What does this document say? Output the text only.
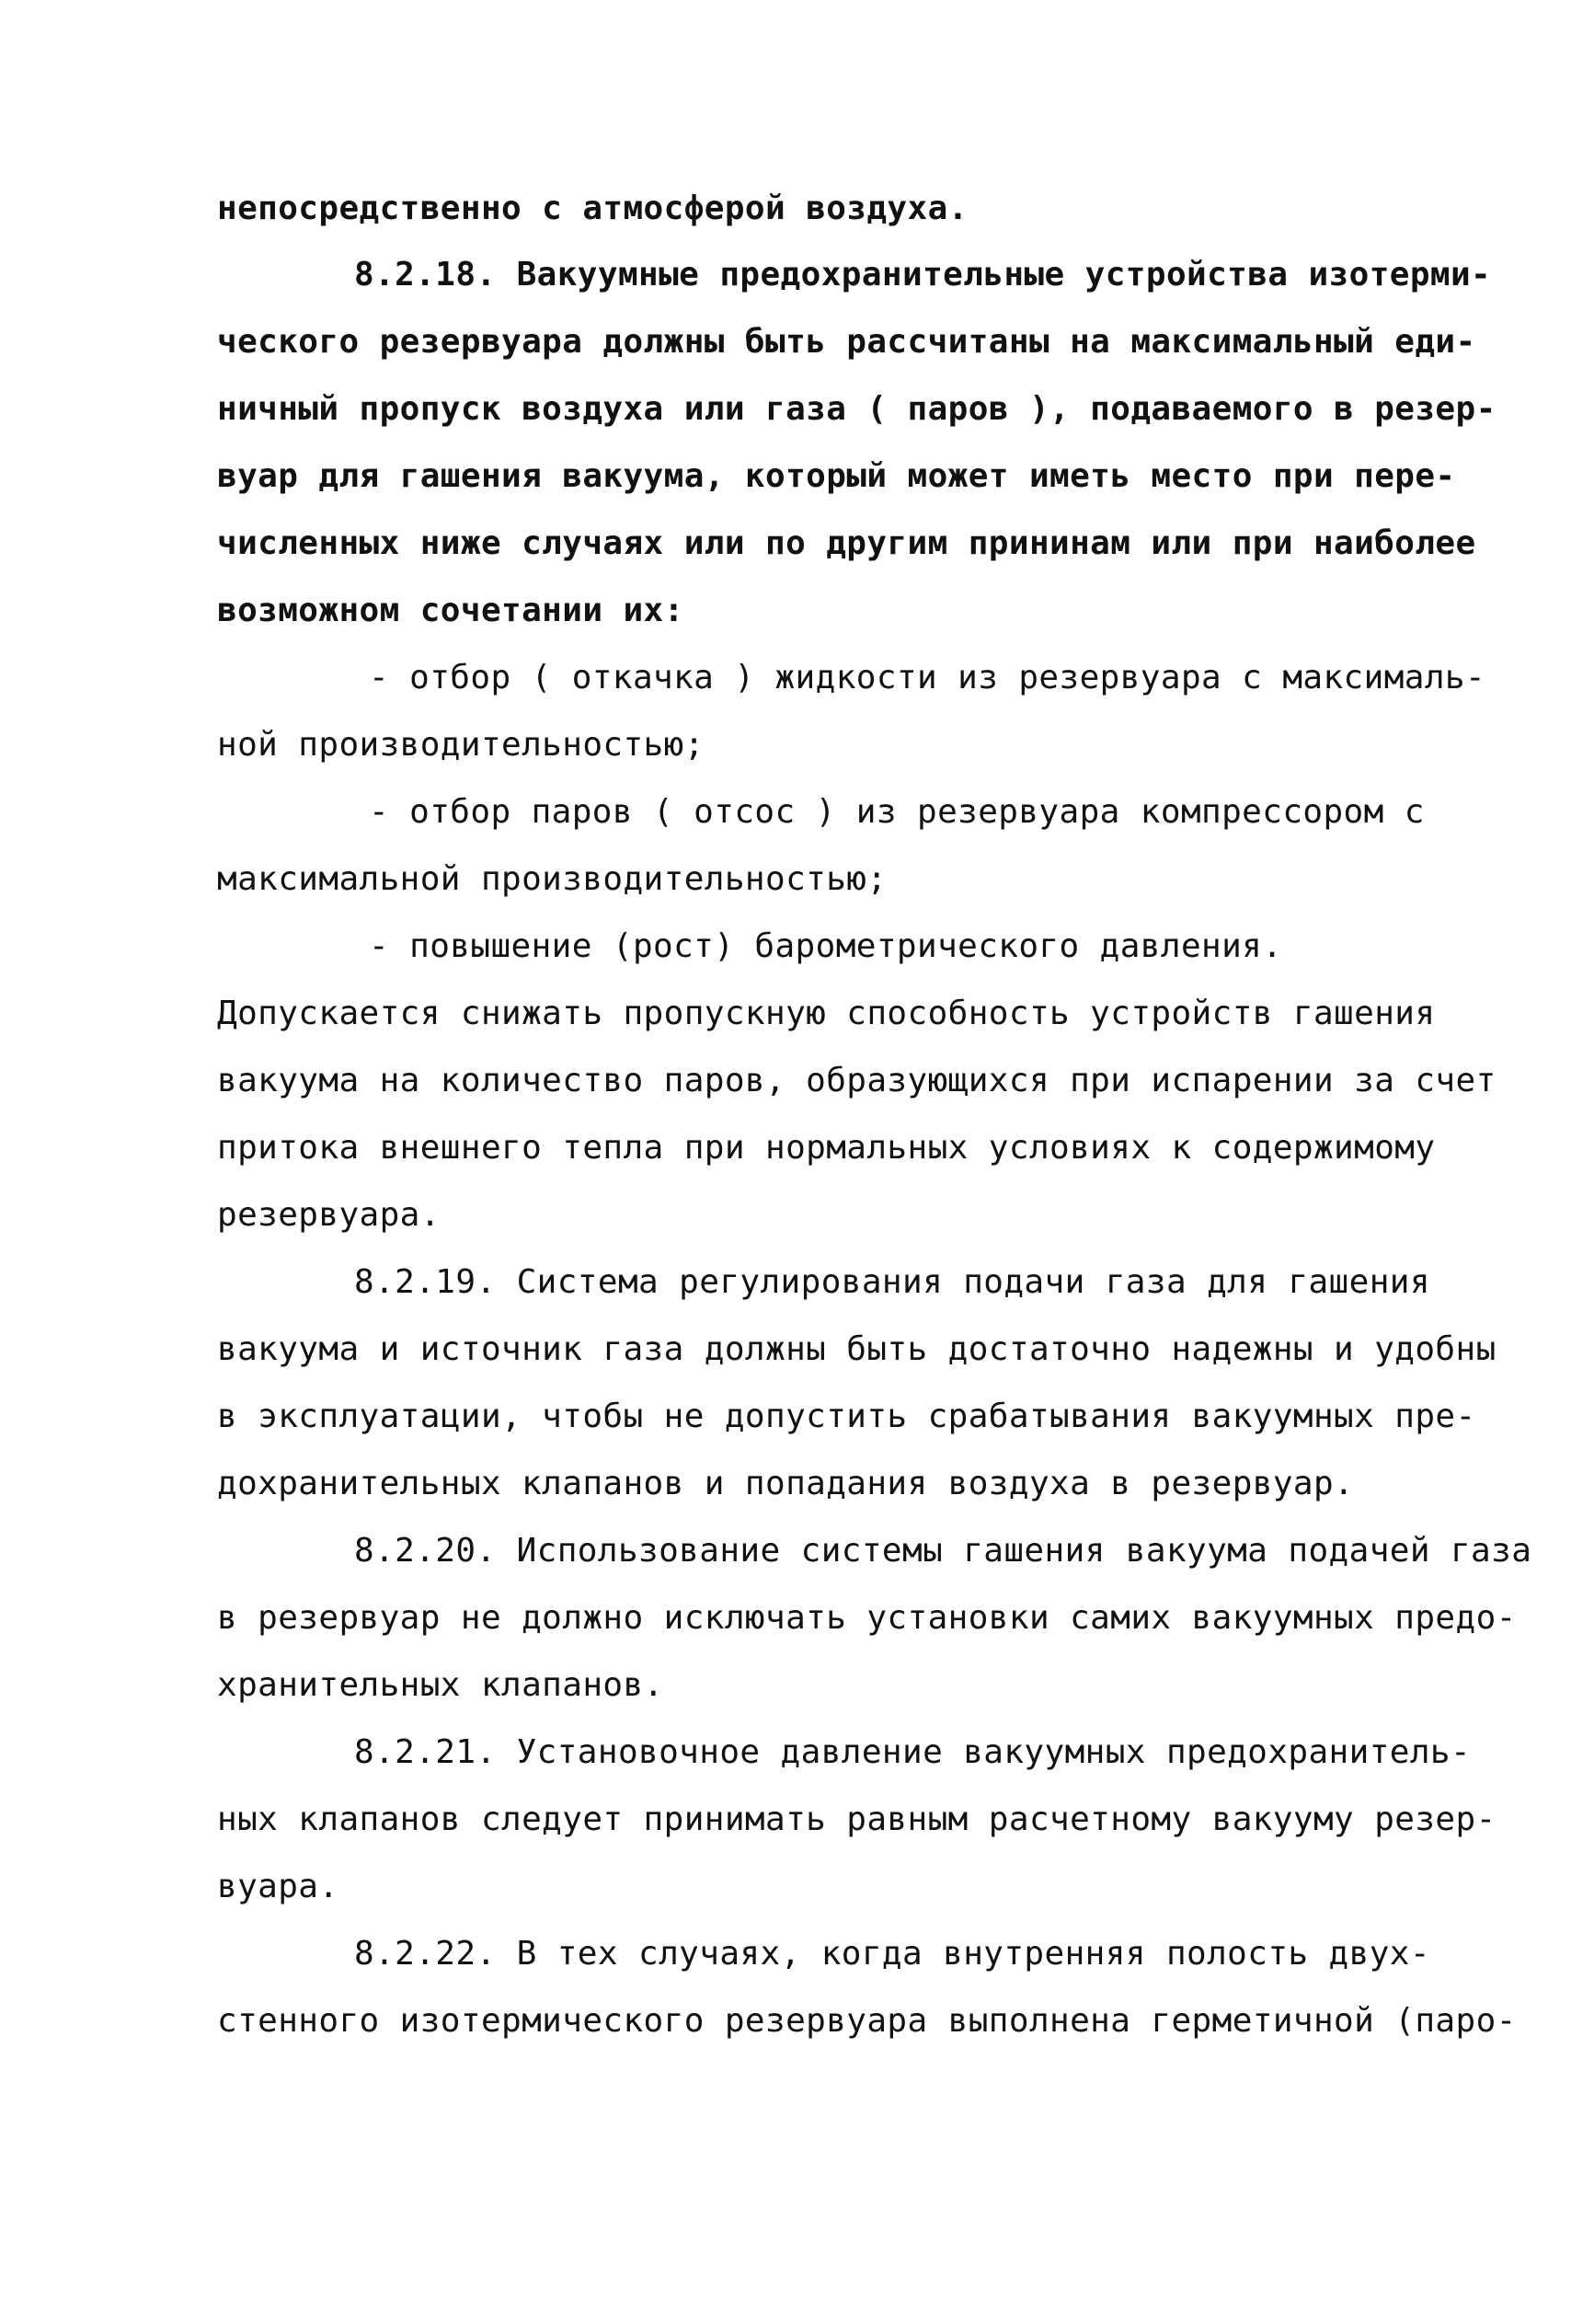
непосредственно с атмосферой воздуха.
8.2.18. Вакуумные предохранительные устройства изотерми-
ческого резервуара должны быть рассчитаны на максимальный еди-
ничный пропуск воздуха или газа ( паров ), подаваемого в резер-
вуар для гашения вакуума, который может иметь место при пере-
численных ниже случаях или по другим прининам или при наиболее
возможном сочетании их:
- отбор ( откачка ) жидкости из резервуара с максималь-
ной производительностью;
- отбор паров ( отсос ) из резервуара компрессором с
максимальной производительностью;
- повышение (рост) барометрического давления.
Допускается снижать пропускную способность устройств гашения
вакуума на количество паров, образующихся при испарении за счет
притока внешнего тепла при нормальных условиях к содержимому
резервуара.
8.2.19. Система регулирования подачи газа для гашения
вакуума и источник газа должны быть достаточно надежны и удобны
в эксплуатации, чтобы не допустить срабатывания вакуумных пре-
дохранительных клапанов и попадания воздуха в резервуар.
8.2.20. Использование системы гашения вакуума подачей газа
в резервуар не должно исключать установки самих вакуумных предо-
хранительных клапанов.
8.2.21. Установочное давление вакуумных предохранитель-
ных клапанов следует принимать равным расчетному вакууму резер-
вуара.
8.2.22. В тех случаях, когда внутренняя полость двух-
стенного изотермического резервуара выполнена герметичной (паро-
